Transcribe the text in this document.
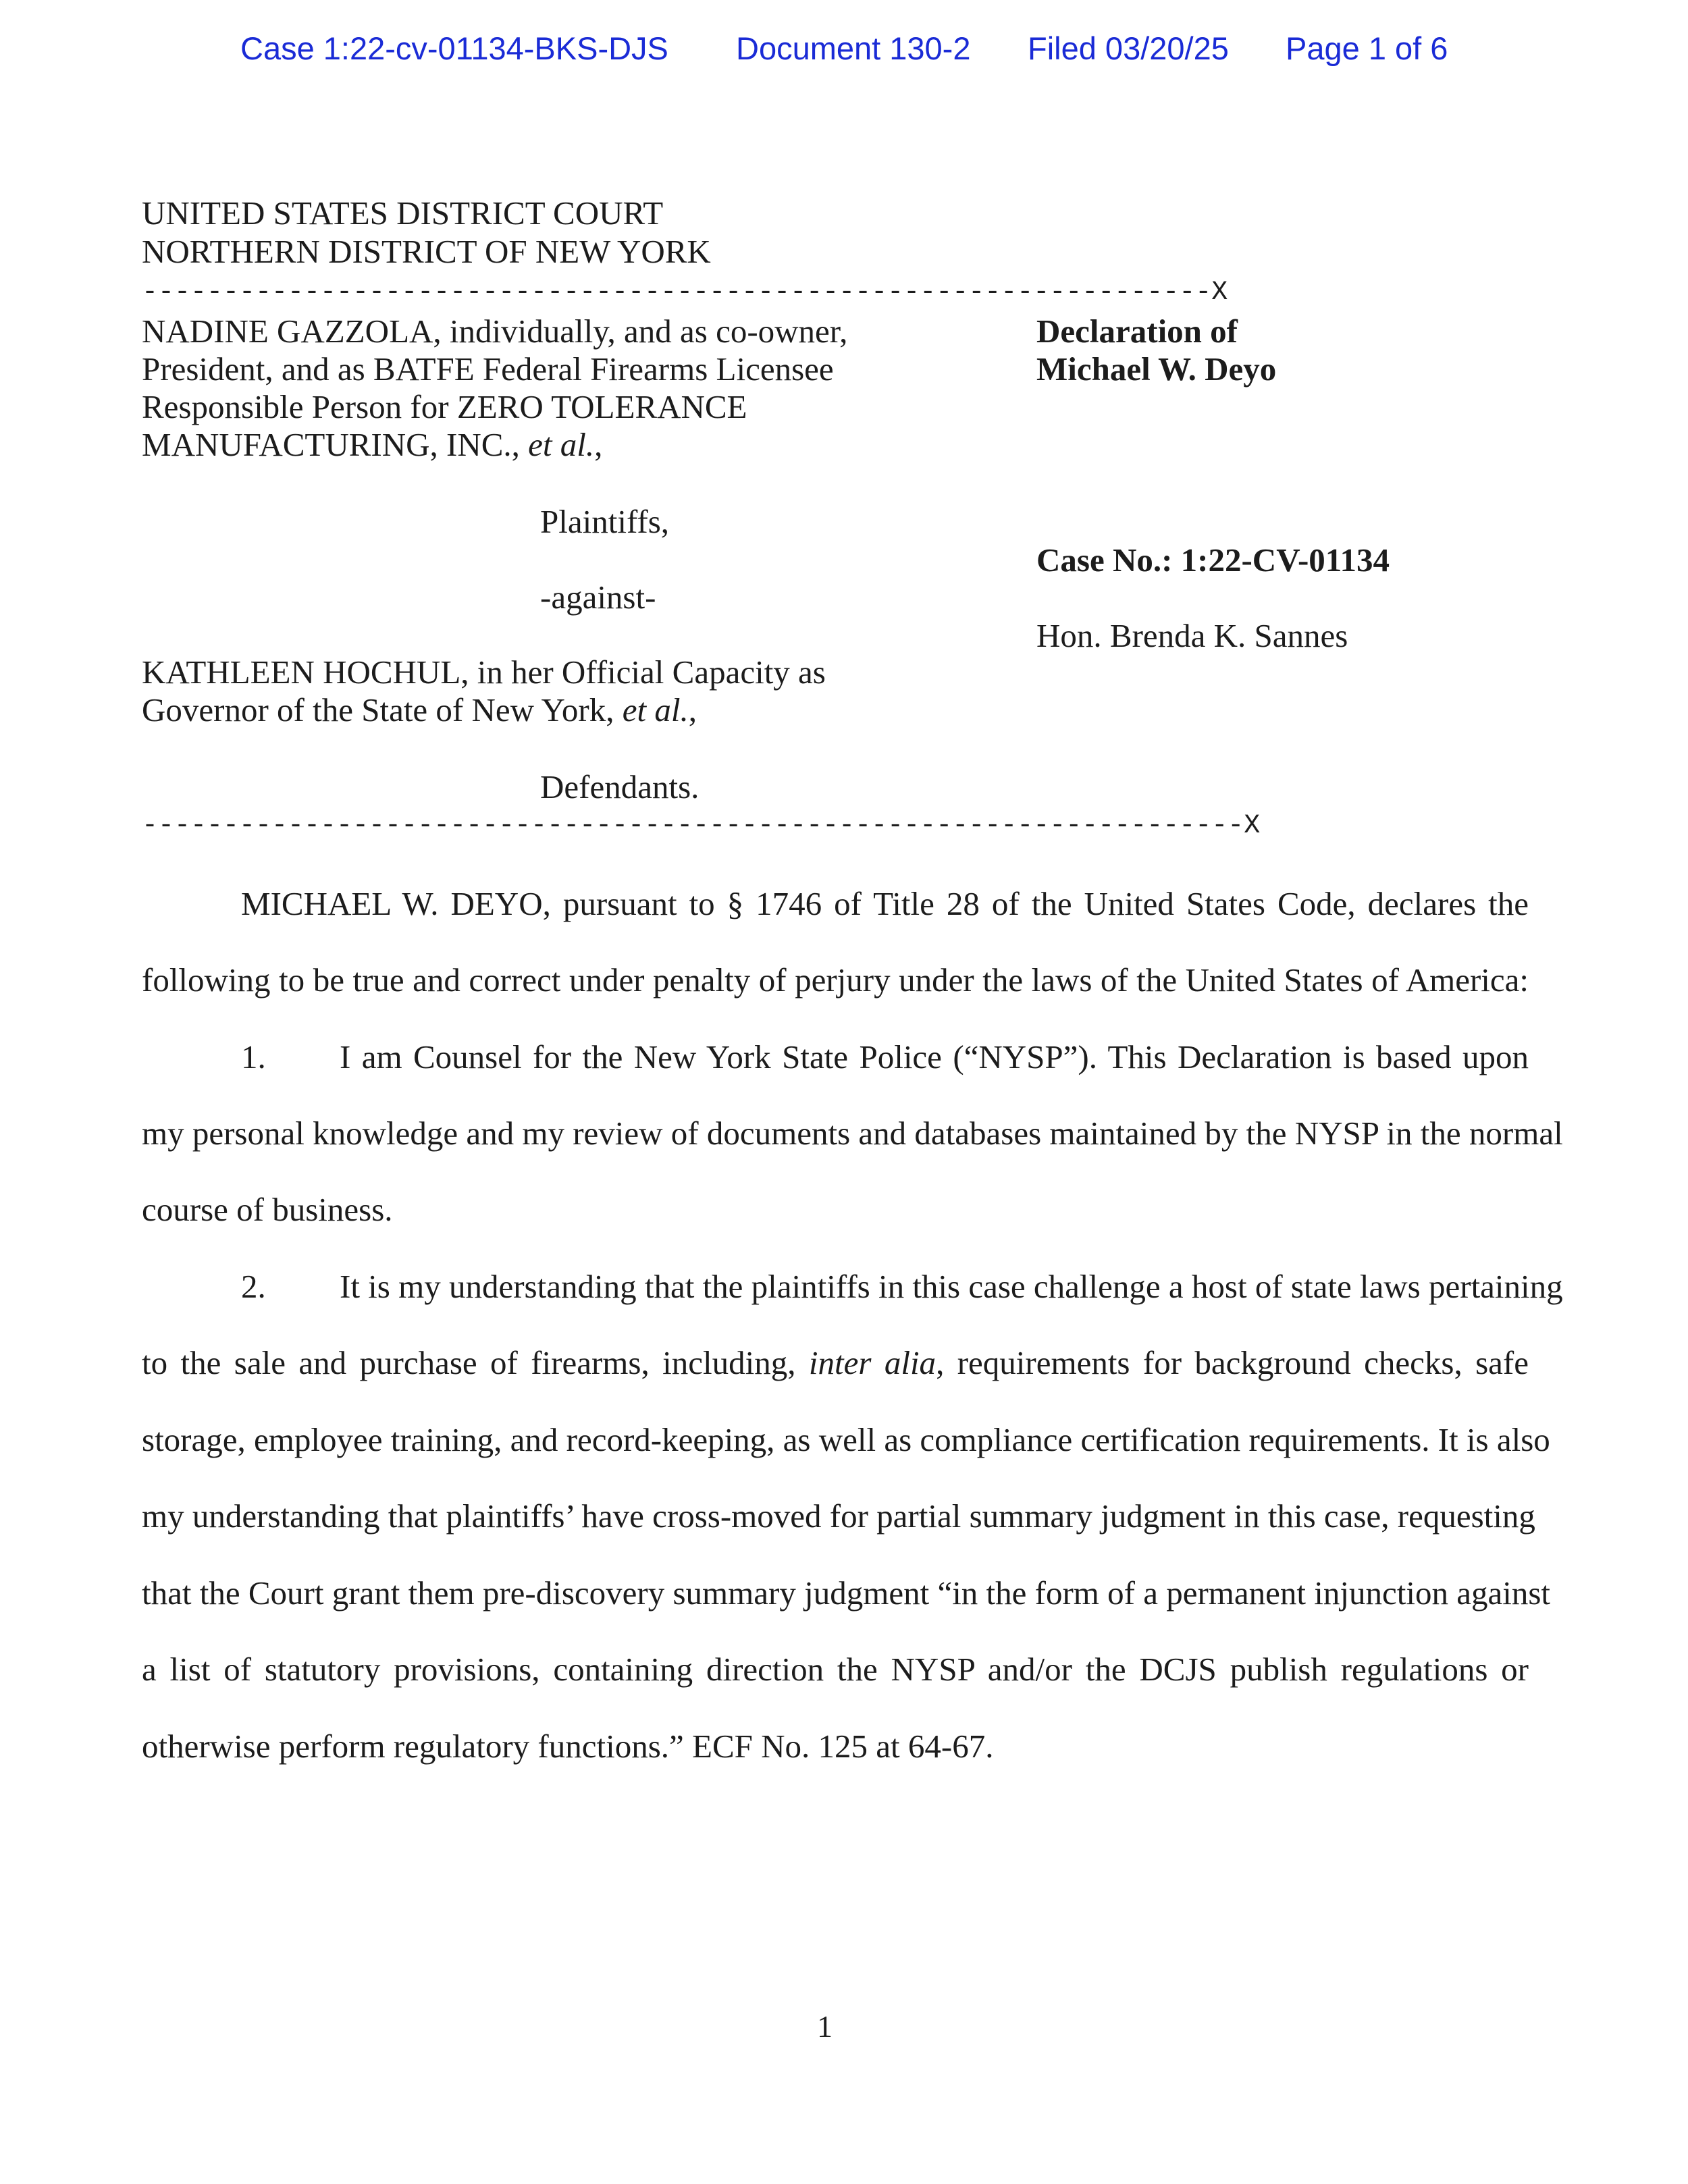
Case 1:22-cv-01134-BKS-DJS Document 130-2 Filed 03/20/25 Page 1 of 6
UNITED STATES DISTRICT COURT
NORTHERN DISTRICT OF NEW YORK
------------------------------------------------------------------X
NADINE GAZZOLA, individually, and as co-owner,
President, and as BATFE Federal Firearms Licensee
Responsible Person for ZERO TOLERANCE
MANUFACTURING, INC., et al.,
Plaintiffs,
-against-
KATHLEEN HOCHUL, in her Official Capacity as
Governor of the State of New York, et al.,
Defendants.
--------------------------------------------------------------------X
Declaration of
Michael W. Deyo
Case No.: 1:22-CV-01134
Hon. Brenda K. Sannes
MICHAEL W. DEYO, pursuant to § 1746 of Title 28 of the United States Code, declares the
following to be true and correct under penalty of perjury under the laws of the United States of America:
1. I am Counsel for the New York State Police (“NYSP”). This Declaration is based upon
my personal knowledge and my review of documents and databases maintained by the NYSP in the normal
course of business.
2. It is my understanding that the plaintiffs in this case challenge a host of state laws pertaining
to the sale and purchase of firearms, including, inter alia, requirements for background checks, safe
storage, employee training, and record-keeping, as well as compliance certification requirements. It is also
my understanding that plaintiffs’ have cross-moved for partial summary judgment in this case, requesting
that the Court grant them pre-discovery summary judgment “in the form of a permanent injunction against
a list of statutory provisions, containing direction the NYSP and/or the DCJS publish regulations or
otherwise perform regulatory functions.” ECF No. 125 at 64-67.
1
